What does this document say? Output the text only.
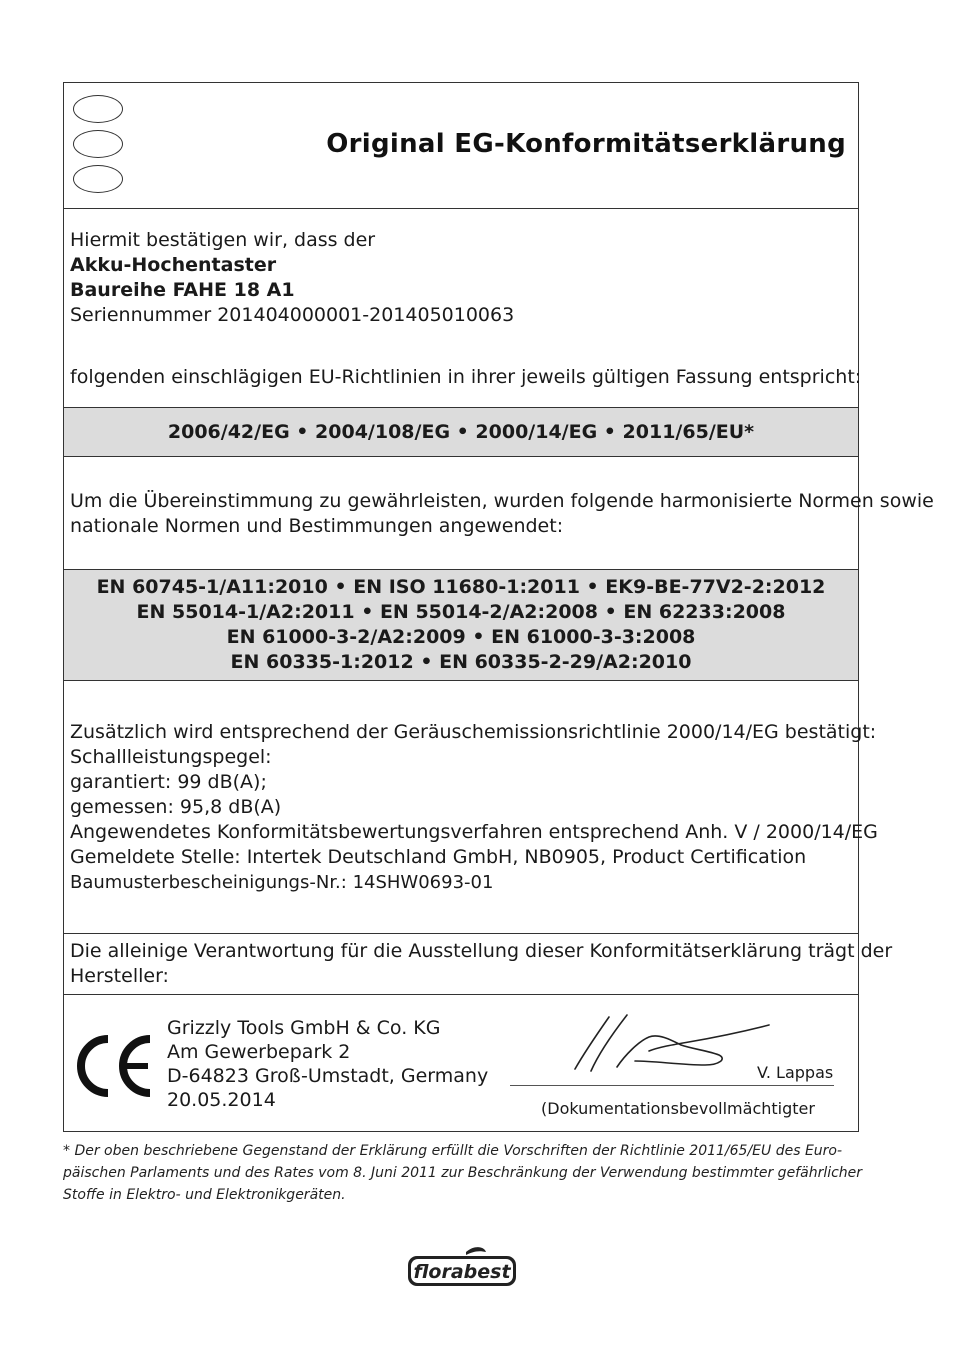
Original EG-Konformitätserklärung
Hiermit bestätigen wir, dass der
Akku-Hochentaster
Baureihe FAHE 18 A1
Seriennummer 201404000001-201405010063
folgenden einschlägigen EU-Richtlinien in ihrer jeweils gültigen Fassung entspricht:
2006/42/EG • 2004/108/EG • 2000/14/EG • 2011/65/EU*
Um die Übereinstimmung zu gewährleisten, wurden folgende harmonisierte Normen sowie
nationale Normen und Bestimmungen angewendet:
EN 60745-1/A11:2010 • EN ISO 11680-1:2011 • EK9-BE-77V2-2:2012
EN 55014-1/A2:2011 • EN 55014-2/A2:2008 • EN 62233:2008
EN 61000-3-2/A2:2009 • EN 61000-3-3:2008
EN 60335-1:2012 • EN 60335-2-29/A2:2010
Zusätzlich wird entsprechend der Geräuschemissionsrichtlinie 2000/14/EG bestätigt:
Schallleistungspegel:
garantiert: 99 dB(A);
gemessen: 95,8 dB(A)
Angewendetes Konformitätsbewertungsverfahren entsprechend Anh. V / 2000/14/EG
Gemeldete Stelle: Intertek Deutschland GmbH, NB0905, Product Certification
Baumusterbescheinigungs-Nr.: 14SHW0693-01
Die alleinige Verantwortung für die Ausstellung dieser Konformitätserklärung trägt der
Hersteller:
Grizzly Tools GmbH & Co. KG
Am Gewerbepark 2
D-64823 Groß-Umstadt, Germany
20.05.2014
V. Lappas
(Dokumentationsbevollmächtigter
* Der oben beschriebene Gegenstand der Erklärung erfüllt die Vorschriften der Richtlinie 2011/65/EU des Euro-
päischen Parlaments und des Rates vom 8. Juni 2011 zur Beschränkung der Verwendung bestimmter gefährlicher
Stoffe in Elektro- und Elektronikgeräten.
florabest
